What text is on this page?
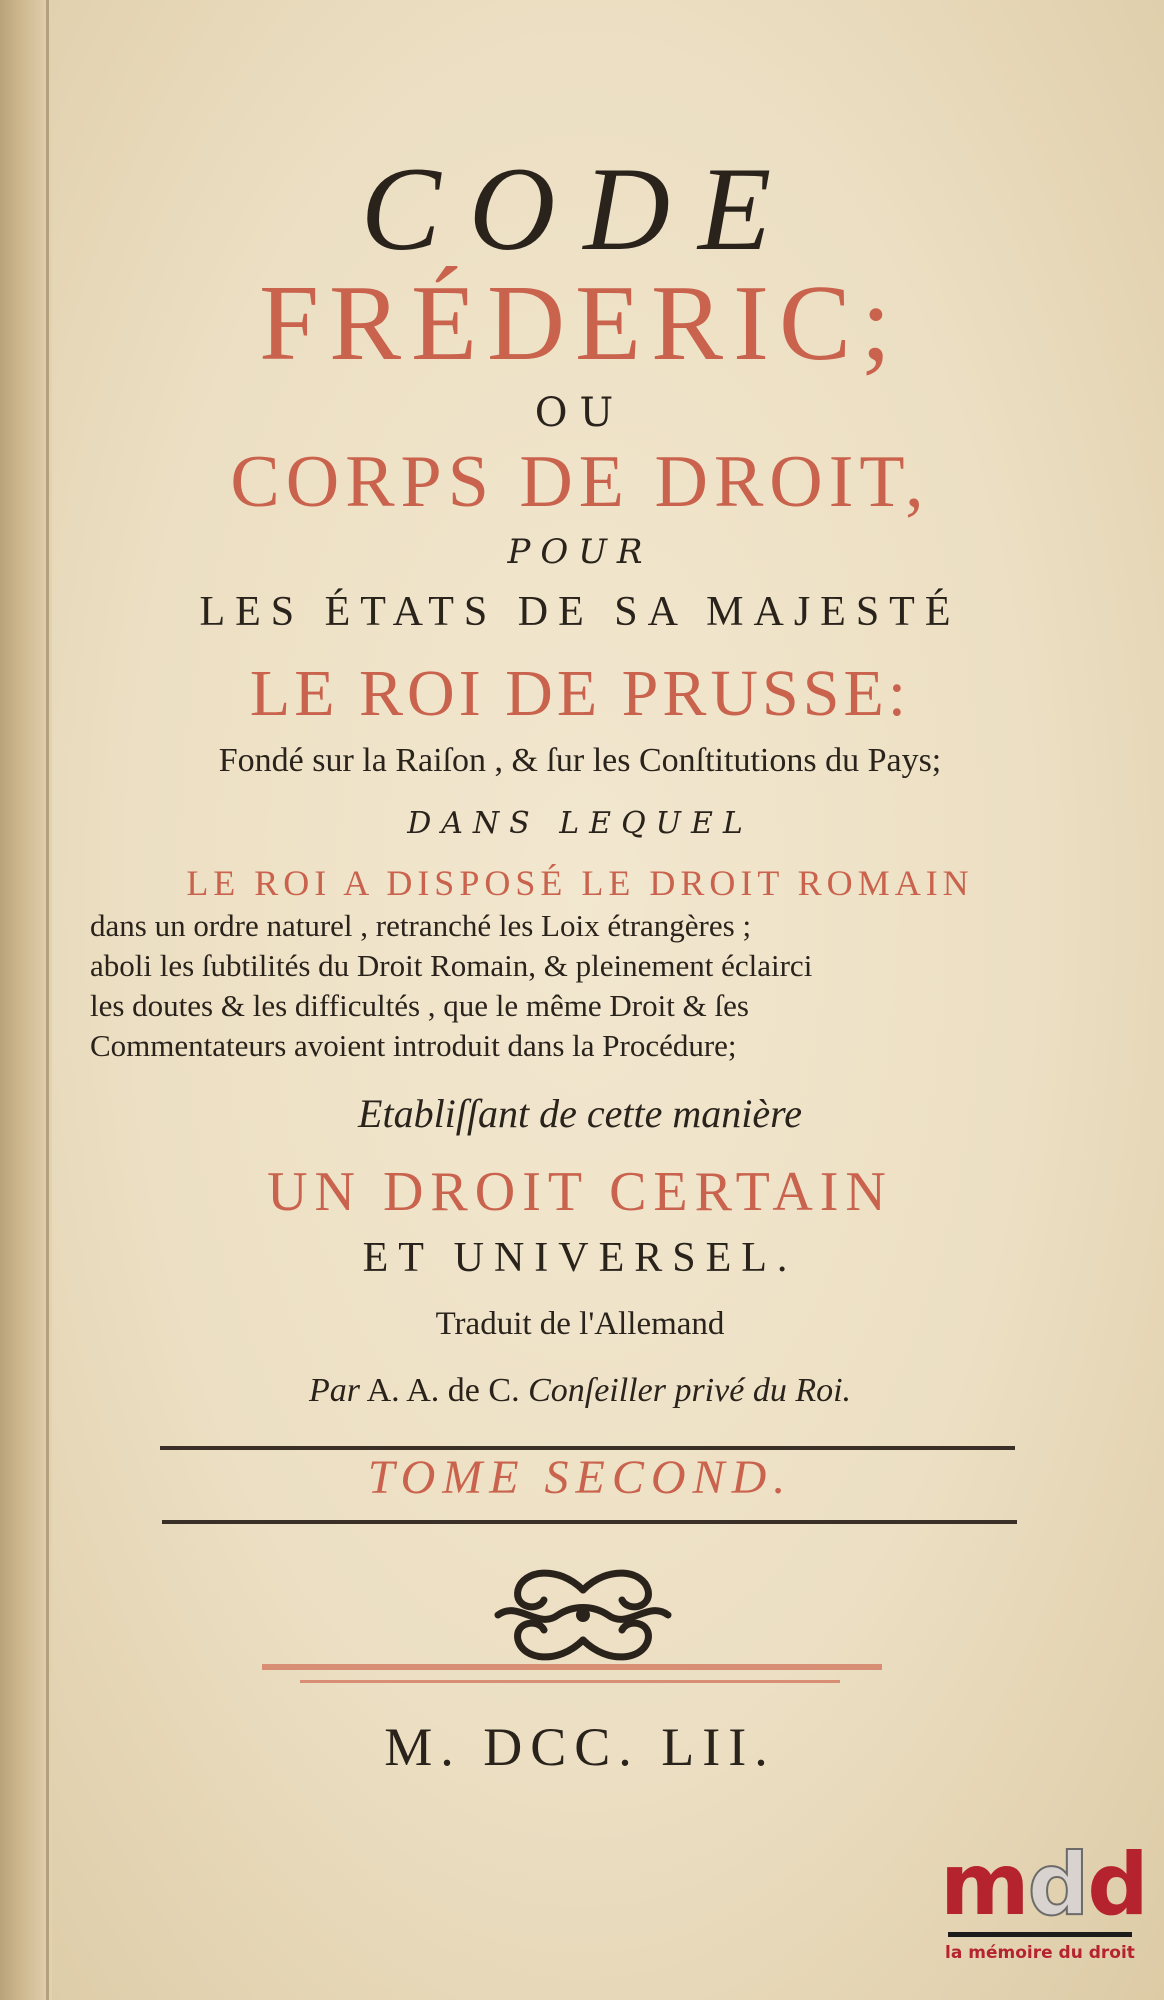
CODE
FRÉDERIC;
OU
CORPS DE DROIT,
POUR
LES ÉTATS DE SA MAJESTÉ
LE ROI DE PRUSSE:
Fondé sur la Raiſon , & ſur les Conſtitutions du Pays;
DANS LEQUEL
LE ROI A DISPOSÉ LE DROIT ROMAIN
dans un ordre naturel , retranché les Loix étrangères ;
aboli les ſubtilités du Droit Romain, & pleinement éclairci
les doutes & les difficultés , que le même Droit & ſes
Commentateurs avoient introduit dans la Procédure;
Etabliſſant de cette manière
UN DROIT CERTAIN
ET UNIVERSEL.
Traduit de l'Allemand
Par A. A. de C. Conſeiller privé du Roi.
TOME SECOND.
M. DCC. LII.
mdd
la mémoire du droit
